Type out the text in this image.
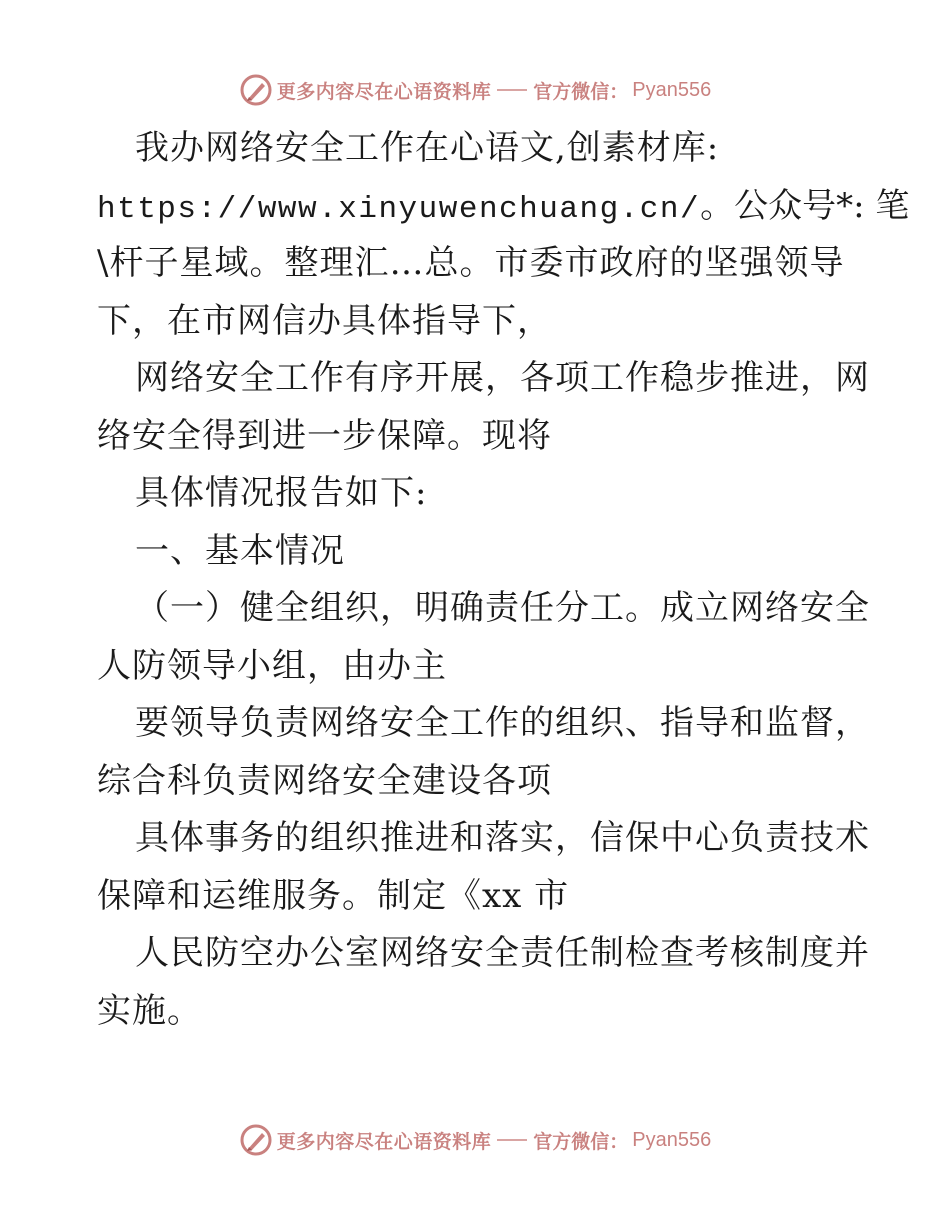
更多内容尽在心语资料库 官方微信： Pyan556
我办网络安全工作在心语文,创素材库:
https://www.xinyuwenchuang.cn/。公众号*: 笔
\杆子星域。整理汇…总。市委市政府的坚强领导
下，在市网信办具体指导下，
网络安全工作有序开展，各项工作稳步推进，网
络安全得到进一步保障。现将
具体情况报告如下:
一、基本情况
（一）健全组织，明确责任分工。成立网络安全
人防领导小组，由办主
要领导负责网络安全工作的组织、指导和监督，
综合科负责网络安全建设各项
具体事务的组织推进和落实，信保中心负责技术
保障和运维服务。制定《xx 市
人民防空办公室网络安全责任制检查考核制度并
实施。
更多内容尽在心语资料库 官方微信： Pyan556
